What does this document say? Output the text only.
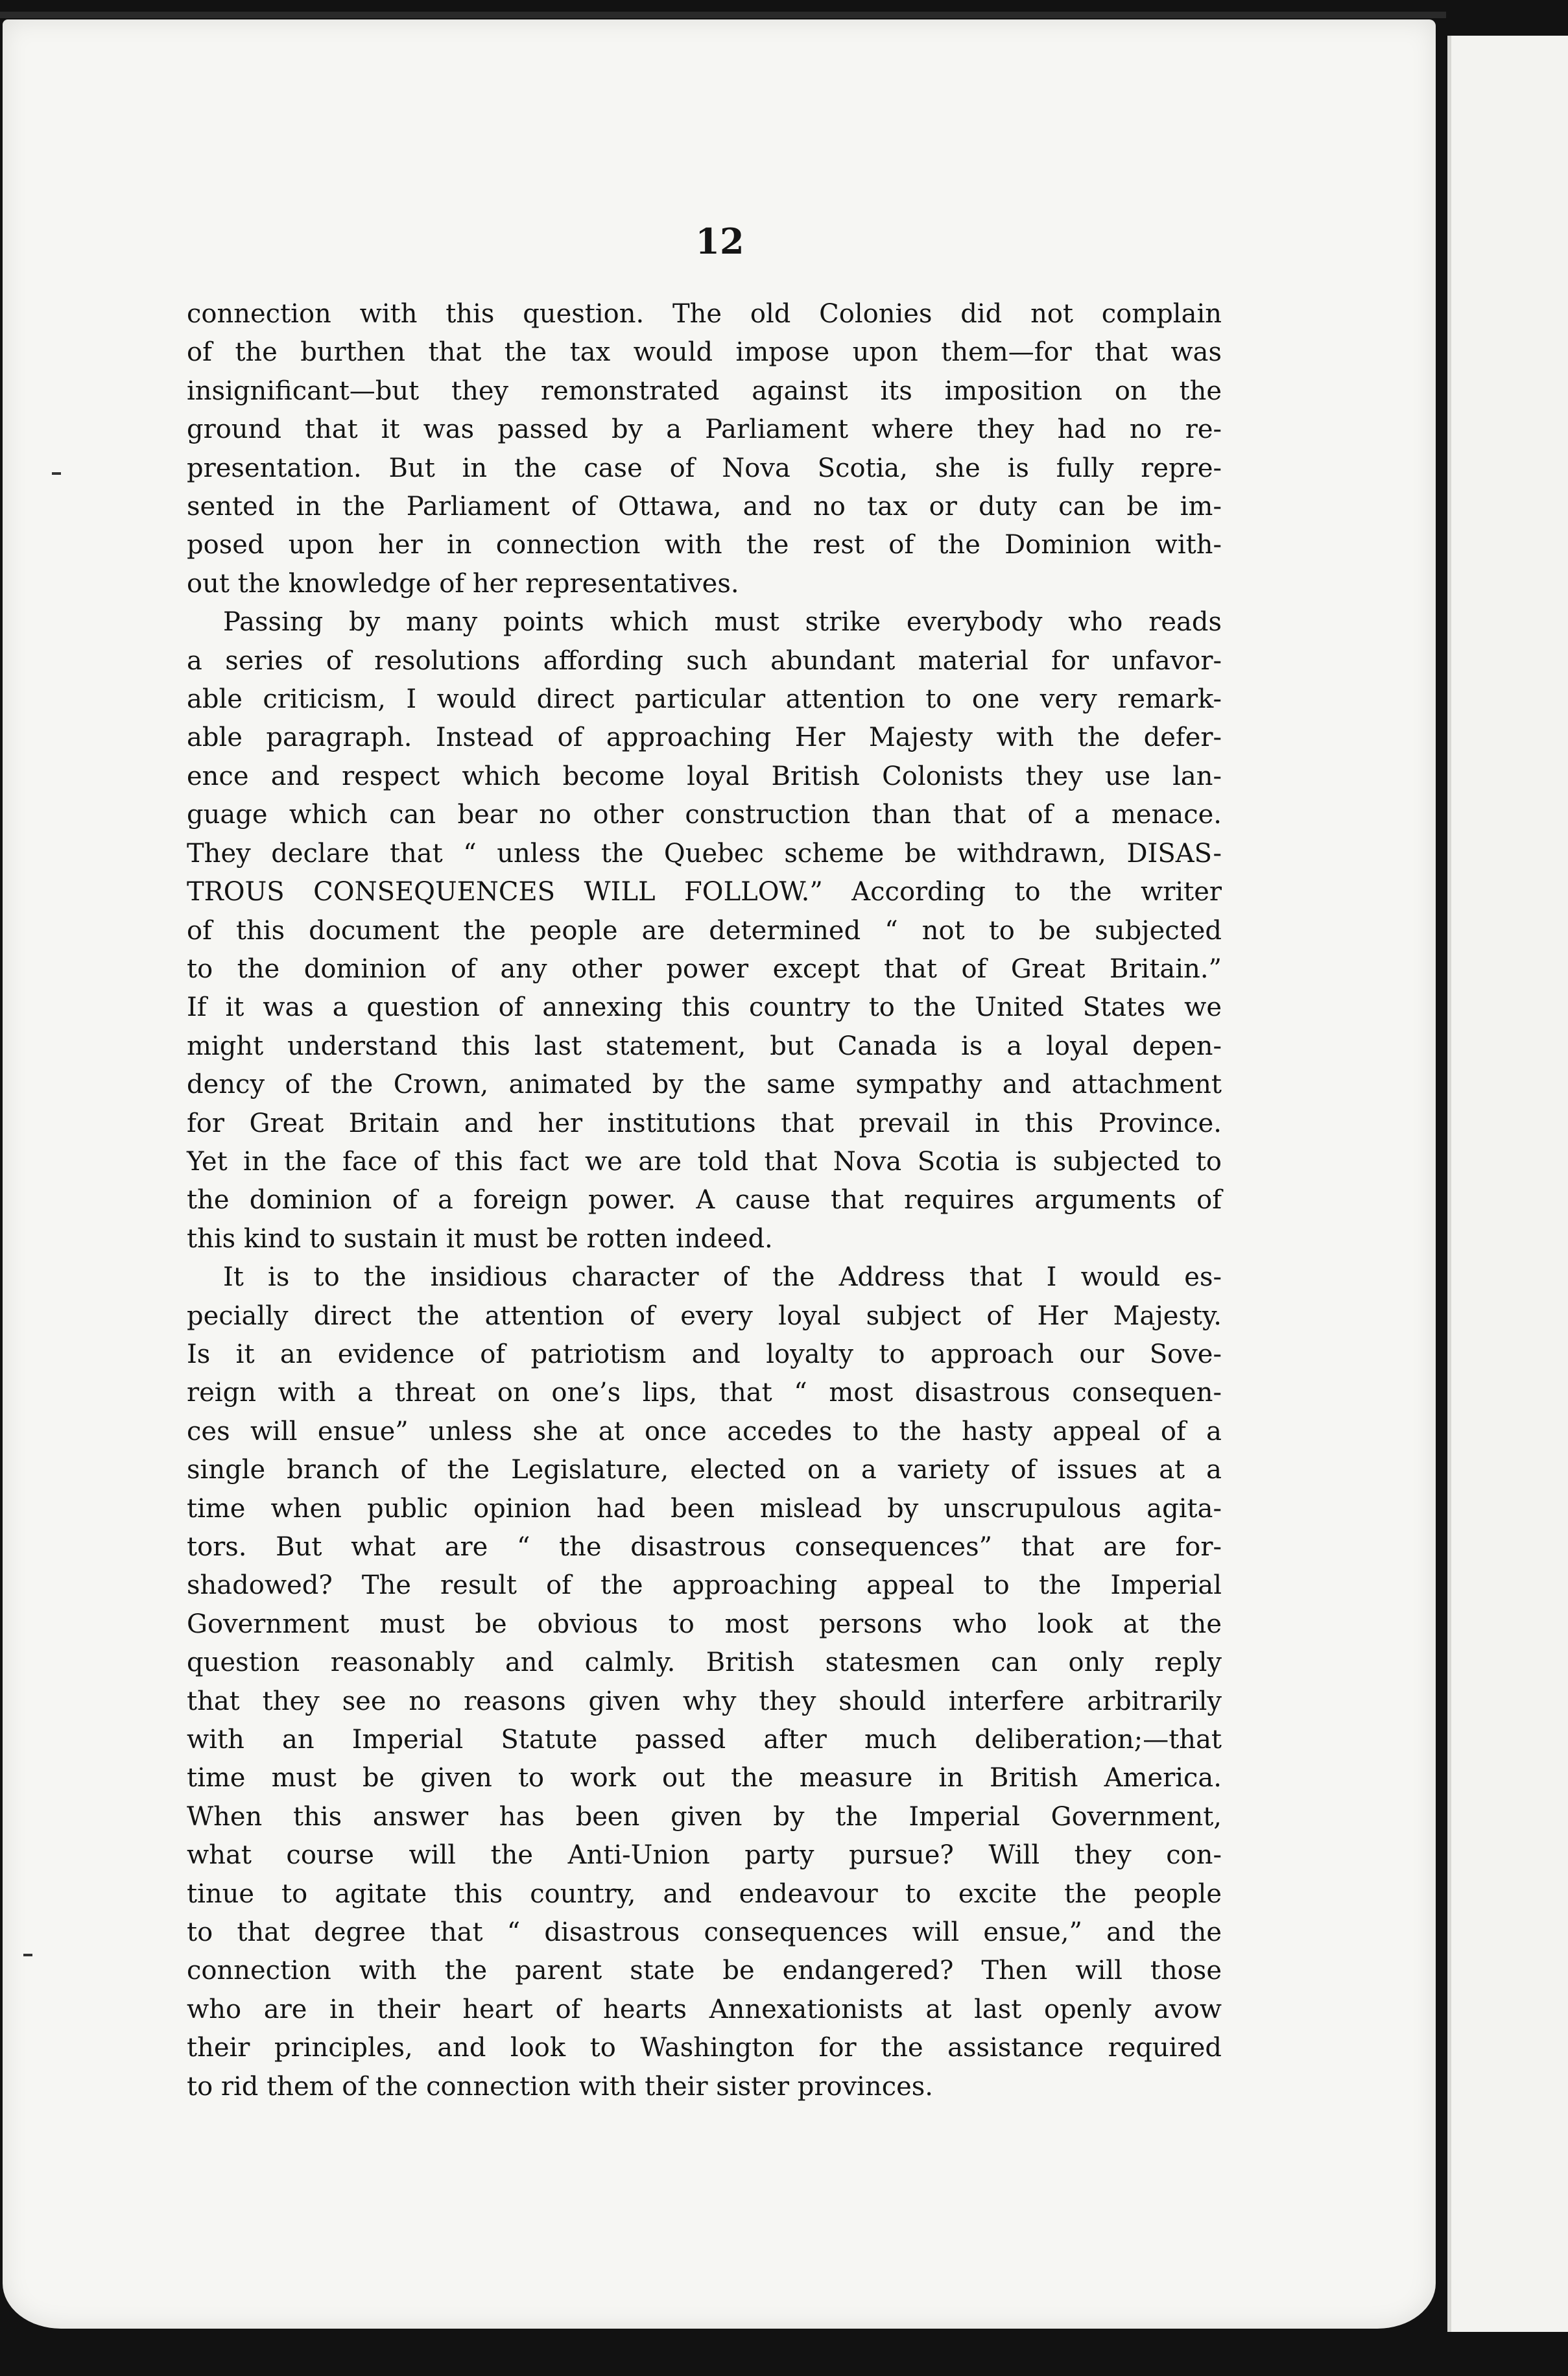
12

connection with this question. The old Colonies did not complain
of the burthen that the tax would impose upon them—for that was
insignificant—but they remonstrated against its imposition on the
ground that it was passed by a Parliament where they had no re-
presentation. But in the case of Nova Scotia, she is fully repre-
sented in the Parliament of Ottawa, and no tax or duty can be im-
posed upon her in connection with the rest of the Dominion with-
out the knowledge of her representatives.

Passing by many points which must strike everybody who reads
a series of resolutions affording such abundant material for unfavor-
able criticism, I would direct particular attention to one very remark-
able paragraph. Instead of approaching Her Majesty with the defer-
ence and respect which become loyal British Colonists they use lan-
guage which can bear no other construction than that of a menace.
They declare that “ unless the Quebec scheme be withdrawn, DISAS-
TROUS CONSEQUENCES WILL FOLLOW.” According to the writer
of this document the people are determined “ not to be subjected
to the dominion of any other power except that of Great Britain.”
If it was a question of annexing this country to the United States we
might understand this last statement, but Canada is a loyal depen-
dency of the Crown, animated by the same sympathy and attachment
for Great Britain and her institutions that prevail in this Province.
Yet in the face of this fact we are told that Nova Scotia is subjected to
the dominion of a foreign power. A cause that requires arguments of
this kind to sustain it must be rotten indeed.

It is to the insidious character of the Address that I would es-
pecially direct the attention of every loyal subject of Her Majesty.
Is it an evidence of patriotism and loyalty to approach our Sove-
reign with a threat on one’s lips, that “ most disastrous consequen-
ces will ensue” unless she at once accedes to the hasty appeal of a
single branch of the Legislature, elected on a variety of issues at a
time when public opinion had been mislead by unscrupulous agita-
tors. But what are “ the disastrous consequences” that are for-
shadowed? The result of the approaching appeal to the Imperial
Government must be obvious to most persons who look at the
question reasonably and calmly. British statesmen can only reply
that they see no reasons given why they should interfere arbitrarily
with an Imperial Statute passed after much deliberation;—that
time must be given to work out the measure in British America.
When this answer has been given by the Imperial Government,
what course will the Anti-Union party pursue? Will they con-
tinue to agitate this country, and endeavour to excite the people
to that degree that “ disastrous consequences will ensue,” and the
connection with the parent state be endangered? Then will those
who are in their heart of hearts Annexationists at last openly avow
their principles, and look to Washington for the assistance required
to rid them of the connection with their sister provinces.
